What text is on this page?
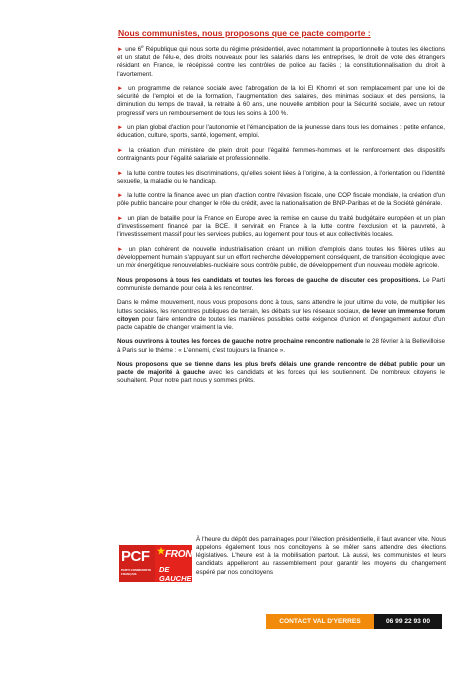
Nous communistes, nous proposons que ce pacte comporte :

► une 6e République qui nous sorte du régime présidentiel, avec notamment la proportionnelle à toutes les élections et un statut de l'élu-e, des droits nouveaux pour les salariés dans les entreprises, le droit de vote des étrangers résidant en France, le récépissé contre les contrôles de police au faciès ; la constitutionnalisation du droit à l'avortement.

► un programme de relance sociale avec l'abrogation de la loi El Khomri et son remplacement par une loi de sécurité de l'emploi et de la formation, l'augmentation des salaires, des minimas sociaux et des pensions, la diminution du temps de travail, la retraite à 60 ans, une nouvelle ambition pour la Sécurité sociale, avec un retour progressif vers un remboursement de tous les soins à 100 %.

► un plan global d'action pour l'autonomie et l'émancipation de la jeunesse dans tous les domaines : petite enfance, éducation, culture, sports, santé, logement, emploi.

► la création d'un ministère de plein droit pour l'égalité femmes-hommes et le renforcement des dispositifs contraignants pour l'égalité salariale et professionnelle.

► la lutte contre toutes les discriminations, qu'elles soient liées à l'origine, à la confession, à l'orientation ou l'identité sexuelle, la maladie ou le handicap.

► la lutte contre la finance avec un plan d'action contre l'évasion fiscale, une COP fiscale mondiale, la création d'un pôle public bancaire pour changer le rôle du crédit, avec la nationalisation de BNP-Paribas et de la Société générale.

► un plan de bataille pour la France en Europe avec la remise en cause du traité budgétaire européen et un plan d'investissement financé par la BCE. Il servirait en France à la lutte contre l'exclusion et la pauvreté, à l'investissement massif pour les services publics, au logement pour tous et aux collectivités locales.

► un plan cohérent de nouvelle industrialisation créant un million d'emplois dans toutes les filières utiles au développement humain s'appuyant sur un effort recherche développement conséquent, de transition écologique avec un mix énergétique renouvelables-nucléaire sous contrôle public, de développement d'un nouveau modèle agricole.

Nous proposons à tous les candidats et toutes les forces de gauche de discuter ces propositions. Le Parti communiste demande pour cela à les rencontrer.

Dans le même mouvement, nous vous proposons donc à tous, sans attendre le jour ultime du vote, de multiplier les luttes sociales, les rencontres publiques de terrain, les débats sur les réseaux sociaux, de lever un immense forum citoyen pour faire entendre de toutes les manières possibles cette exigence d'union et d'engagement autour d'un pacte capable de changer vraiment la vie.

Nous ouvrirons à toutes les forces de gauche notre prochaine rencontre nationale le 28 février à la Bellevilloise à Paris sur le thème : « L'ennemi, c'est toujours la finance ».

Nous proposons que se tienne dans les plus brefs délais une grande rencontre de débat public pour un pacte de majorité à gauche avec les candidats et les forces qui les soutiennent. De nombreux citoyens le souhaitent. Pour notre part nous y sommes prêts.

PCF
PARTI COMMUNISTE FRANÇAIS
★ FRONT
DE GAUCHE
À l'heure du dépôt des parrainages pour l'élection présidentielle, il faut avancer vite. Nous appelons également tous nos concitoyens à se mêler sans attendre des élections législatives. L'heure est à la mobilisation partout. Là aussi, les communistes et leurs candidats appelleront au rassemblement pour garantir les moyens du changement espéré par nos concitoyens
CONTACT VAL D'YERRES	06 99 22 93 00
